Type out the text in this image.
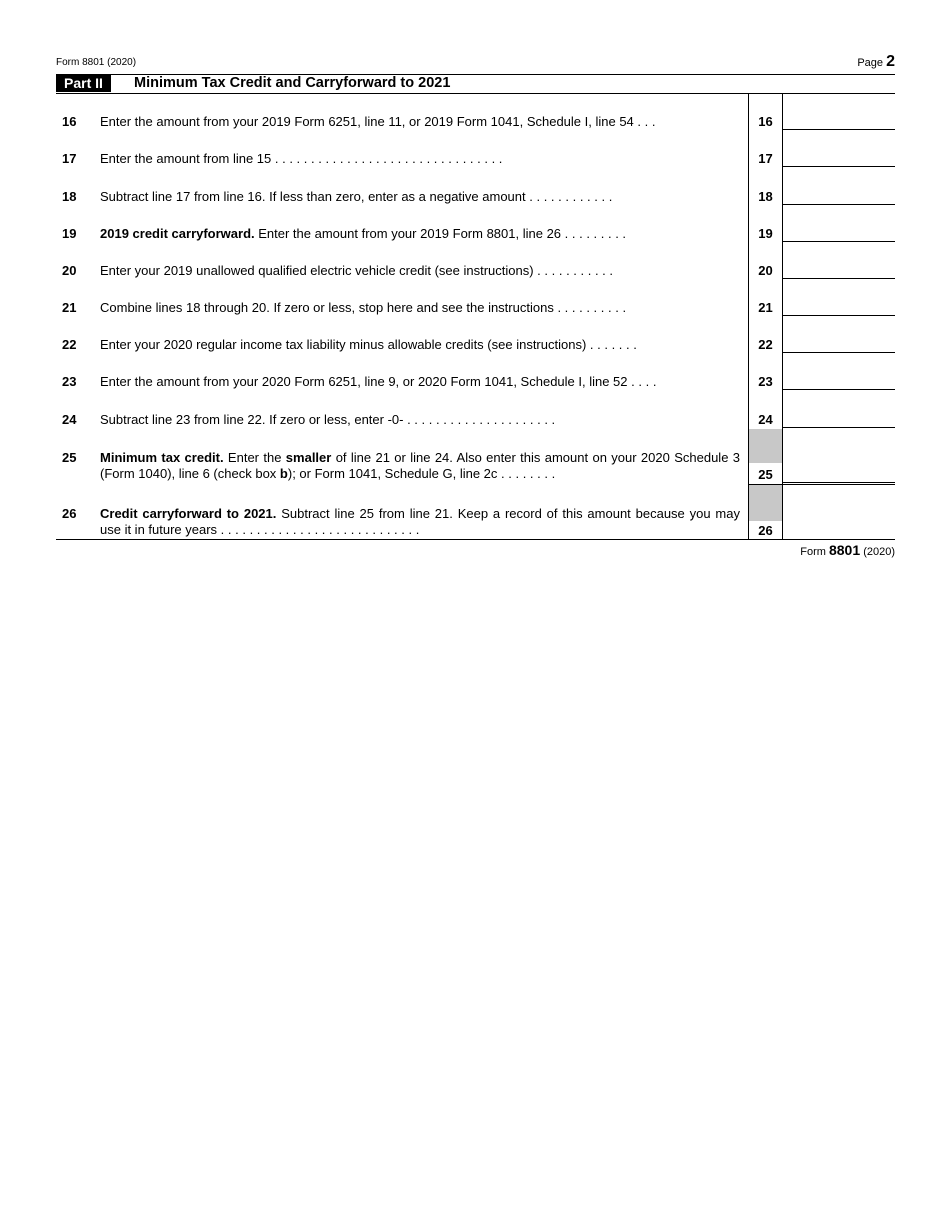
Form 8801 (2020)	Page 2
Part II	Minimum Tax Credit and Carryforward to 2021
16 Enter the amount from your 2019 Form 6251, line 11, or 2019 Form 1041, Schedule I, line 54 . . .	16
17 Enter the amount from line 15 . . . . . . . . . . . . . . . . . . . . . . . . . . . . . . . .	17
18 Subtract line 17 from line 16. If less than zero, enter as a negative amount . . . . . . . . . . . .	18
19 2019 credit carryforward. Enter the amount from your 2019 Form 8801, line 26 . . . . . . . . .	19
20 Enter your 2019 unallowed qualified electric vehicle credit (see instructions) . . . . . . . . . . .	20
21 Combine lines 18 through 20. If zero or less, stop here and see the instructions . . . . . . . . . .	21
22 Enter your 2020 regular income tax liability minus allowable credits (see instructions) . . . . . . .	22
23 Enter the amount from your 2020 Form 6251, line 9, or 2020 Form 1041, Schedule I, line 52 . . . .	23
24 Subtract line 23 from line 22. If zero or less, enter -0- . . . . . . . . . . . . . . . . . . . . .	24
25 Minimum tax credit. Enter the smaller of line 21 or line 24. Also enter this amount on your 2020 Schedule 3 (Form 1040), line 6 (check box b); or Form 1041, Schedule G, line 2c . . . . . . . .	25
26 Credit carryforward to 2021. Subtract line 25 from line 21. Keep a record of this amount because you may use it in future years . . . . . . . . . . . . . . . . . . . . . . . . . . . .	26
Form 8801 (2020)
